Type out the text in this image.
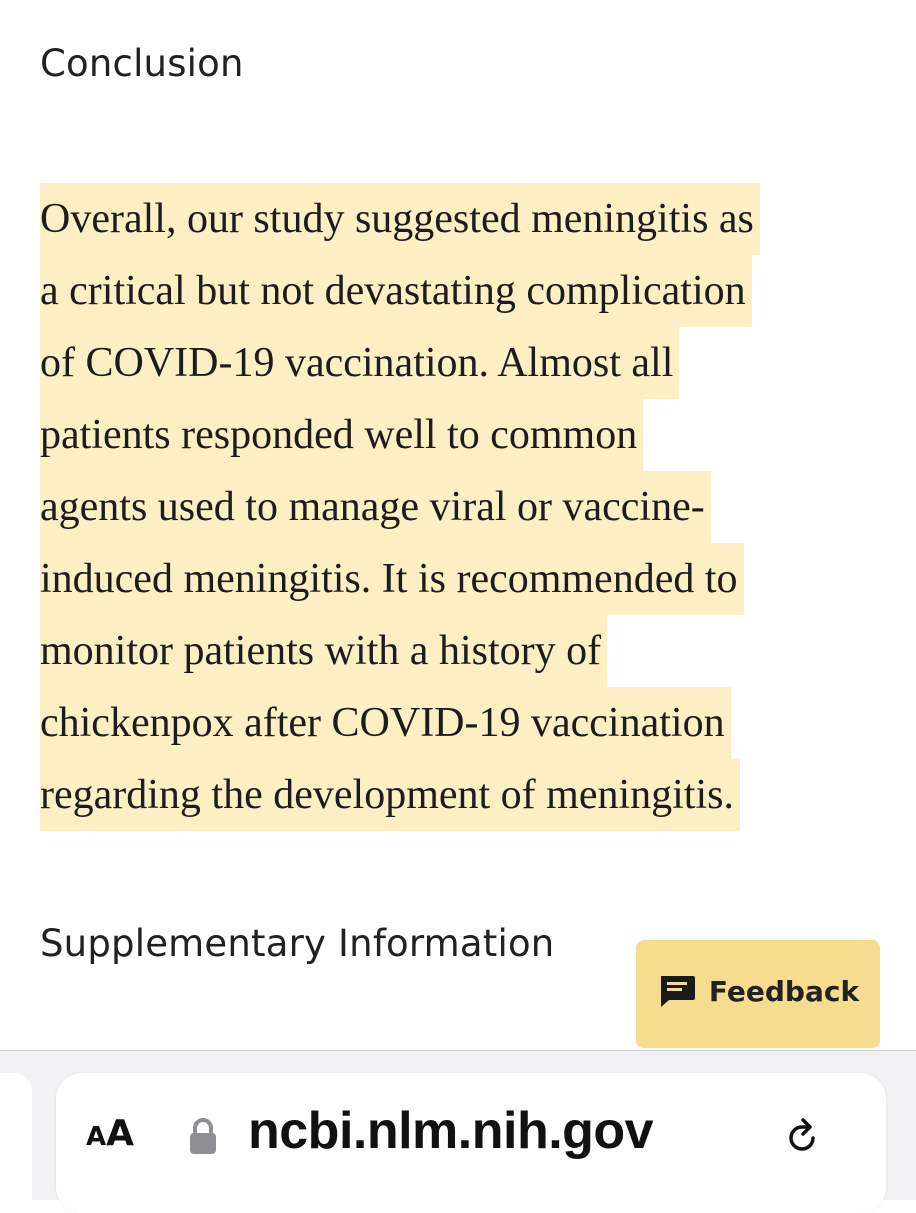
Conclusion

Overall, our study suggested meningitis as
a critical but not devastating complication
of COVID-19 vaccination. Almost all
patients responded well to common
agents used to manage viral or vaccine-
induced meningitis. It is recommended to
monitor patients with a history of
chickenpox after COVID-19 vaccination
regarding the development of meningitis.

Supplementary Information
Feedback
A A ncbi.nlm.nih.gov
